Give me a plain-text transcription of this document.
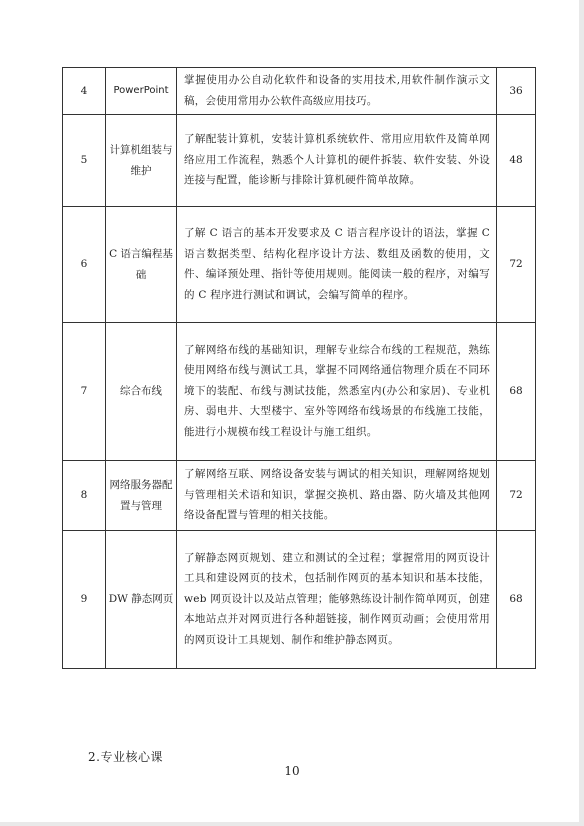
4	PowerPoint	掌握使用办公自动化软件和设备的实用技术,用软件制作演示文稿，会使用常用办公软件高级应用技巧。	36
5	计算机组装与维护	了解配装计算机，安装计算机系统软件、常用应用软件及简单网络应用工作流程，熟悉个人计算机的硬件拆装、软件安装、外设连接与配置，能诊断与排除计算机硬件简单故障。	48
6	C 语言编程基础	了解 C 语言的基本开发要求及 C 语言程序设计的语法，掌握 C 语言数据类型、结构化程序设计方法、数组及函数的使用，文件、编译预处理、指针等使用规则。能阅读一般的程序，对编写的 C 程序进行测试和调试，会编写简单的程序。	72
7	综合布线	了解网络布线的基础知识，理解专业综合布线的工程规范，熟练使用网络布线与测试工具，掌握不同网络通信物理介质在不同环境下的装配、布线与测试技能，然悉室内(办公和家居)、专业机房、弱电井、大型楼宇、室外等网络布线场景的布线施工技能，能进行小规模布线工程设计与施工组织。	68
8	网络服务器配置与管理	了解网络互联、网络设备安装与调试的相关知识，理解网络规划与管理相关术语和知识，掌握交换机、路由器、防火墙及其他网络设备配置与管理的相关技能。	72
9	DW 静态网页	了解静态网页规划、建立和测试的全过程；掌握常用的网页设计工具和建设网页的技术，包括制作网页的基本知识和基本技能，web 网页设计以及站点管理；能够熟练设计制作简单网页，创建本地站点并对网页进行各种超链接，制作网页动画；会使用常用的网页设计工具规划、制作和维护静态网页。	68
2.专业核心课
10
